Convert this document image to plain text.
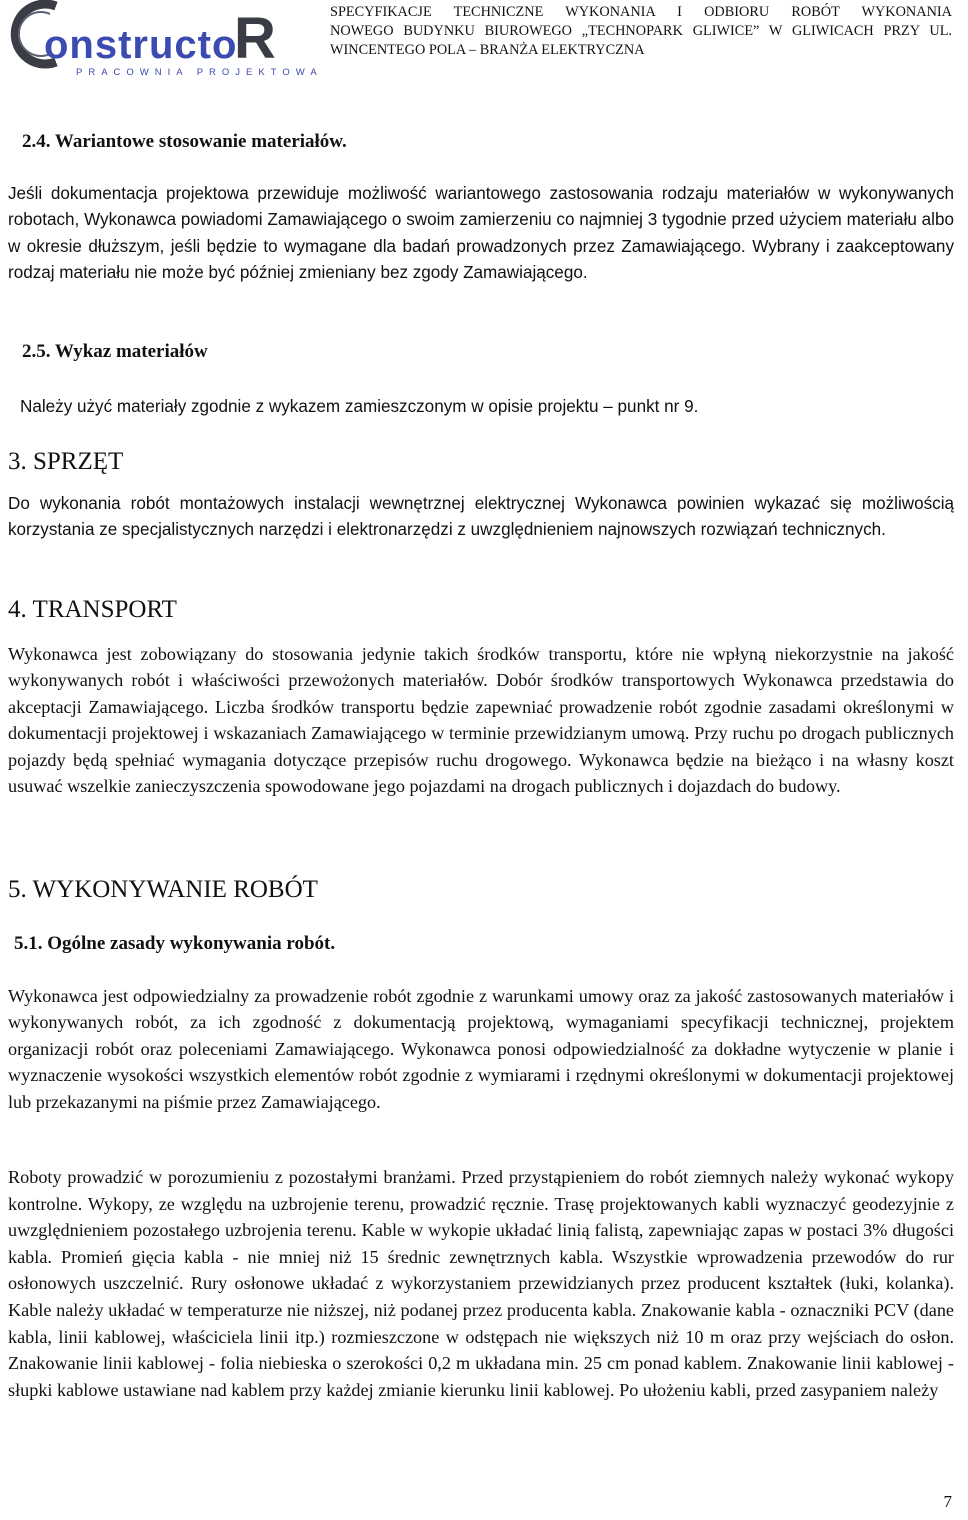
onstructo
R
PRACOWNIA PROJEKTOWA
SPECYFIKACJE TECHNICZNE WYKONANIA I ODBIORU ROBÓT WYKONANIA
NOWEGO BUDYNKU BIUROWEGO „TECHNOPARK GLIWICE” W GLIWICACH PRZY UL.
WINCENTEGO POLA – BRANŻA ELEKTRYCZNA

2.4. Wariantowe stosowanie materiałów.

Jeśli dokumentacja projektowa przewiduje możliwość wariantowego zastosowania rodzaju materiałów w wykonywanych robotach, Wykonawca powiadomi Zamawiającego o swoim zamierzeniu co najmniej 3 tygodnie przed użyciem materiału albo w okresie dłuższym, jeśli będzie to wymagane dla badań prowadzonych przez Zamawiającego. Wybrany i zaakceptowany rodzaj materiału nie może być później zmieniany bez zgody Zamawiającego.

2.5. Wykaz materiałów

Należy użyć materiały zgodnie z wykazem zamieszczonym w opisie projektu – punkt nr 9.

3. SPRZĘT

Do wykonania robót montażowych instalacji wewnętrznej elektrycznej Wykonawca powinien wykazać się możliwością korzystania ze specjalistycznych narzędzi i elektronarzędzi z uwzględnieniem najnowszych rozwiązań technicznych.

4. TRANSPORT

Wykonawca jest zobowiązany do stosowania jedynie takich środków transportu, które nie wpłyną niekorzystnie na jakość wykonywanych robót i właściwości przewożonych materiałów. Dobór środków transportowych Wykonawca przedstawia do akceptacji Zamawiającego. Liczba środków transportu będzie zapewniać prowadzenie robót zgodnie zasadami określonymi w dokumentacji projektowej i wskazaniach Zamawiającego w terminie przewidzianym umową. Przy ruchu po drogach publicznych pojazdy będą spełniać wymagania dotyczące przepisów ruchu drogowego. Wykonawca będzie na bieżąco i na własny koszt usuwać wszelkie zanieczyszczenia spowodowane jego pojazdami na drogach publicznych i dojazdach do budowy.

5. WYKONYWANIE ROBÓT

5.1. Ogólne zasady wykonywania robót.

Wykonawca jest odpowiedzialny za prowadzenie robót zgodnie z warunkami umowy oraz za jakość zastosowanych materiałów i wykonywanych robót, za ich zgodność z dokumentacją projektową, wymaganiami specyfikacji technicznej, projektem organizacji robót oraz poleceniami Zamawiającego. Wykonawca ponosi odpowiedzialność za dokładne wytyczenie w planie i wyznaczenie wysokości wszystkich elementów robót zgodnie z wymiarami i rzędnymi określonymi w dokumentacji projektowej lub przekazanymi na piśmie przez Zamawiającego.

Roboty prowadzić w porozumieniu z pozostałymi branżami. Przed przystąpieniem do robót ziemnych należy wykonać wykopy kontrolne. Wykopy, ze względu na uzbrojenie terenu, prowadzić ręcznie. Trasę projektowanych kabli wyznaczyć geodezyjnie z uwzględnieniem pozostałego uzbrojenia terenu. Kable w wykopie układać linią falistą, zapewniając zapas w postaci 3% długości kabla. Promień gięcia kabla - nie mniej niż 15 średnic zewnętrznych kabla. Wszystkie wprowadzenia przewodów do rur osłonowych uszczelnić. Rury osłonowe układać z wykorzystaniem przewidzianych przez producent kształtek (łuki, kolanka). Kable należy układać w temperaturze nie niższej, niż podanej przez producenta kabla. Znakowanie kabla - oznaczniki PCV (dane kabla, linii kablowej, właściciela linii itp.) rozmieszczone w odstępach nie większych niż 10 m oraz przy wejściach do osłon. Znakowanie linii kablowej - folia niebieska o szerokości 0,2 m układana min. 25 cm ponad kablem. Znakowanie linii kablowej - słupki kablowe ustawiane nad kablem przy każdej zmianie kierunku linii kablowej. Po ułożeniu kabli, przed zasypaniem należy

7
